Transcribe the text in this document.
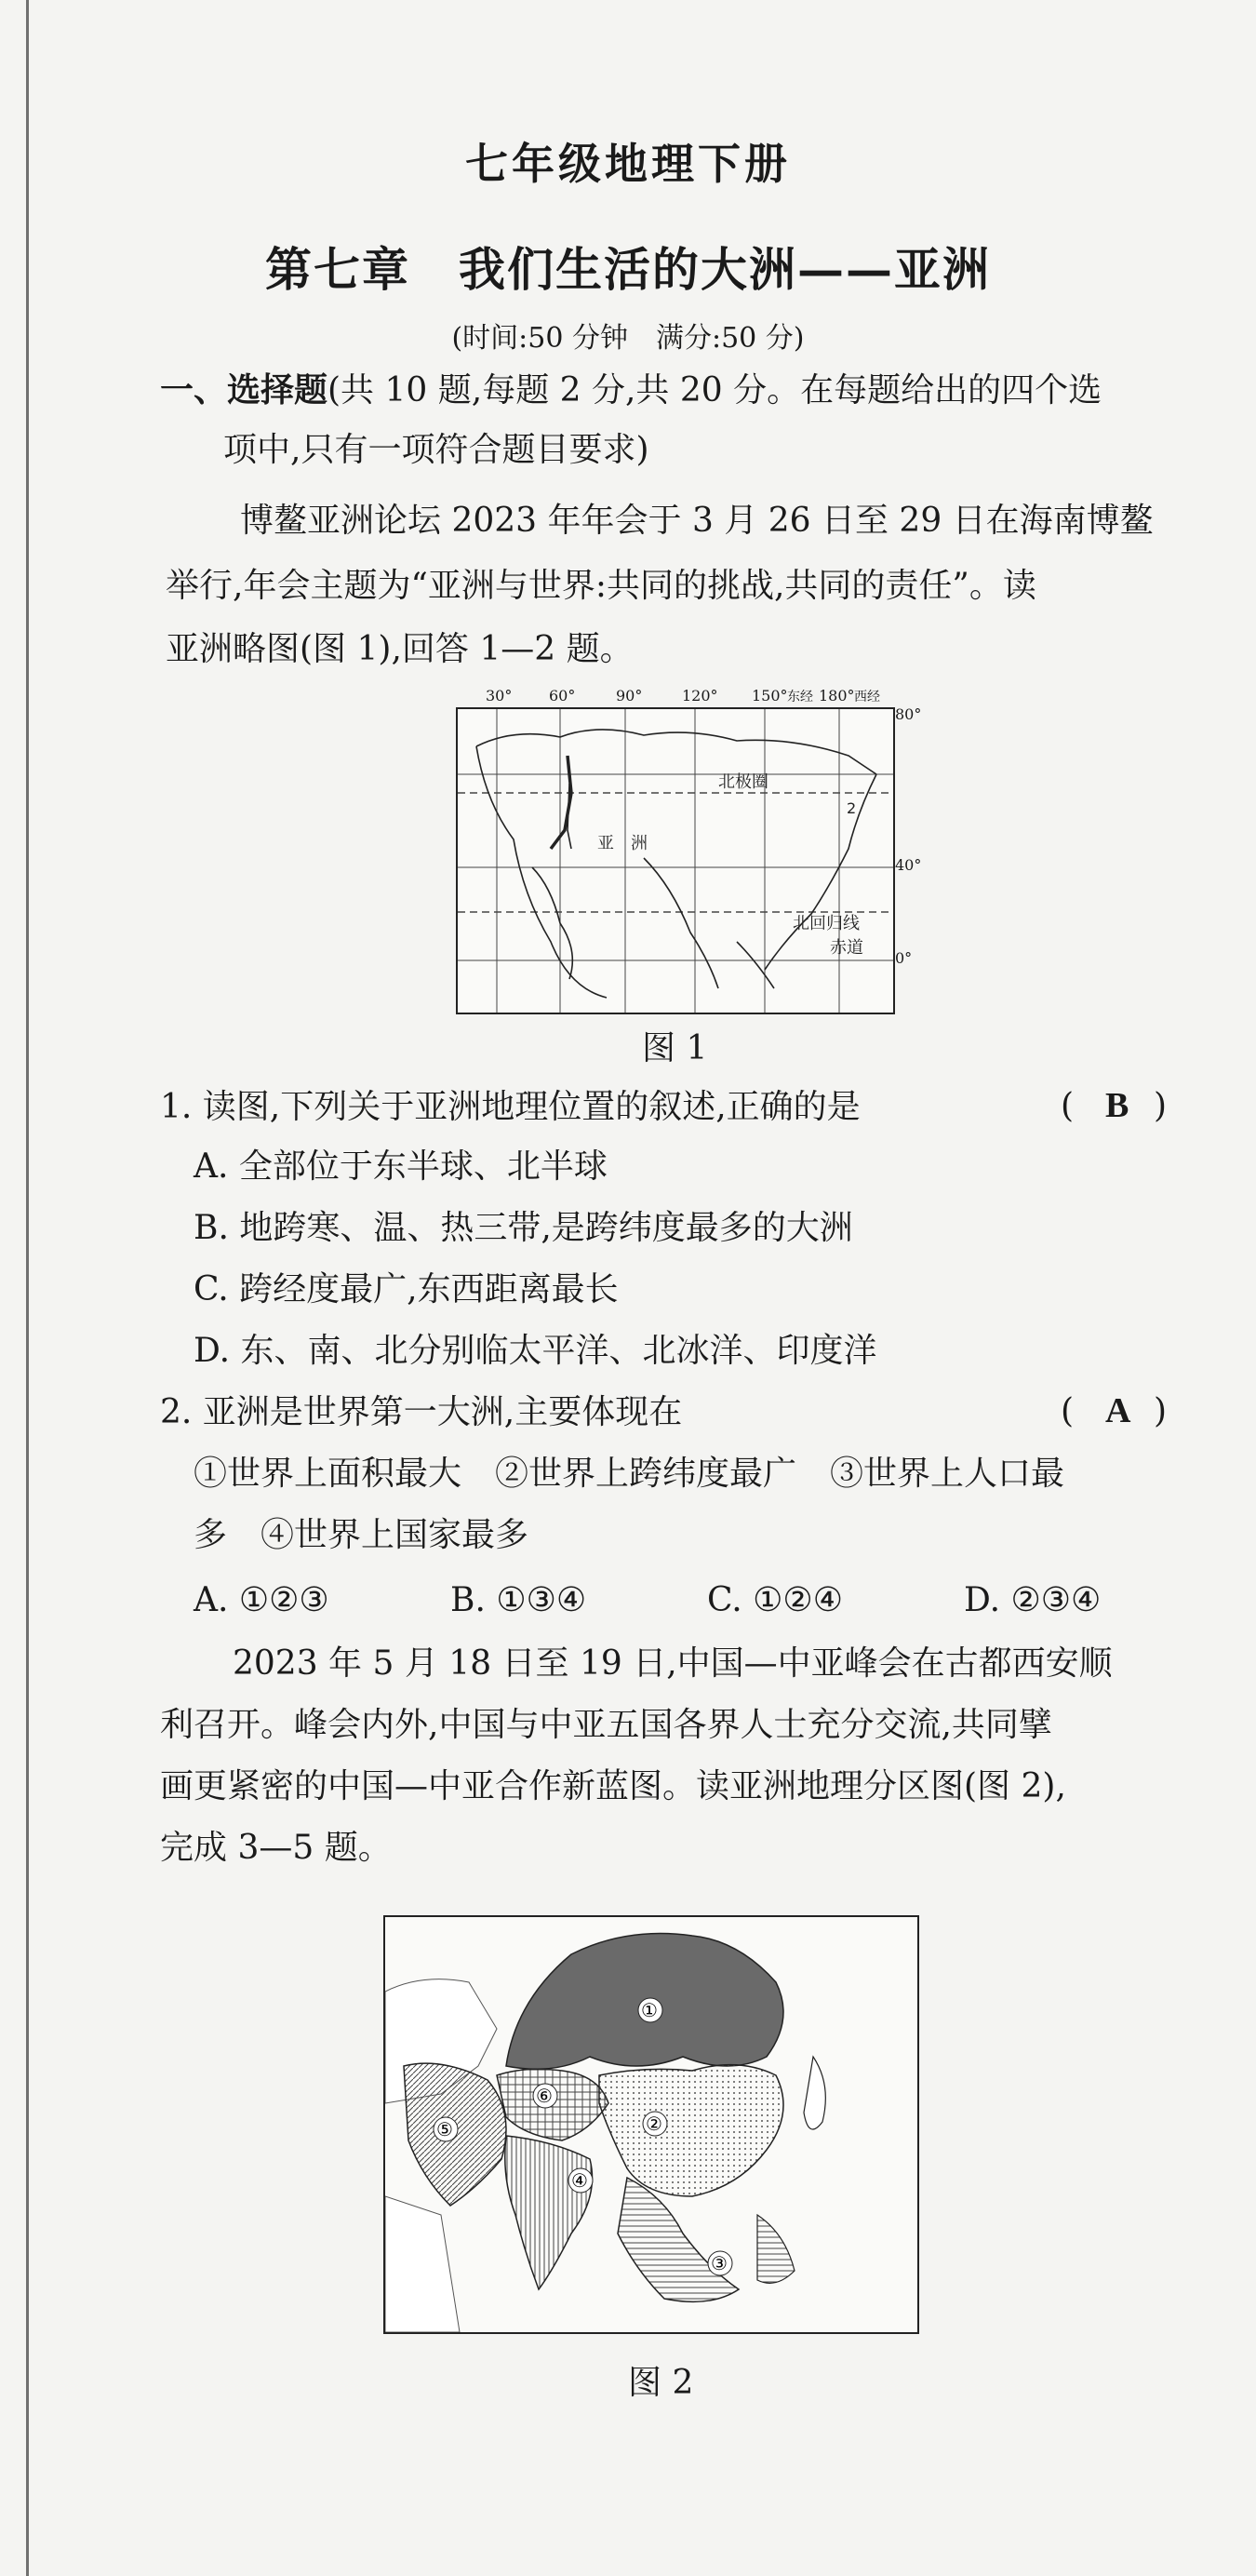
七年级地理下册
第七章　我们生活的大洲——亚洲
(时间:50 分钟　满分:50 分)
一、选择题(共 10 题,每题 2 分,共 20 分。在每题给出的四个选
项中,只有一项符合题目要求)
博鳌亚洲论坛 2023 年年会于 3 月 26 日至 29 日在海南博鳌
举行,年会主题为“亚洲与世界:共同的挑战,共同的责任”。读
亚洲略图(图 1),回答 1—2 题。
北极圈
亚　洲
北回归线
赤道
2
30° 60°	90°	120° 150° 东经 180° 西经
80°
40°
0°
图 1
1. 读图,下列关于亚洲地理位置的叙述,正确的是	( B )
A. 全部位于东半球、北半球
B. 地跨寒、温、热三带,是跨纬度最多的大洲
C. 跨经度最广,东西距离最长
D. 东、南、北分别临太平洋、北冰洋、印度洋
2. 亚洲是世界第一大洲,主要体现在	( A )
①世界上面积最大　②世界上跨纬度最广　③世界上人口最
多　④世界上国家最多
A. ①②③	B. ①③④	C. ①②④	D. ②③④
2023 年 5 月 18 日至 19 日,中国—中亚峰会在古都西安顺
利召开。峰会内外,中国与中亚五国各界人士充分交流,共同擘
画更紧密的中国—中亚合作新蓝图。读亚洲地理分区图(图 2),
完成 3—5 题。
①
②
③
④
⑤
⑥
图 2
